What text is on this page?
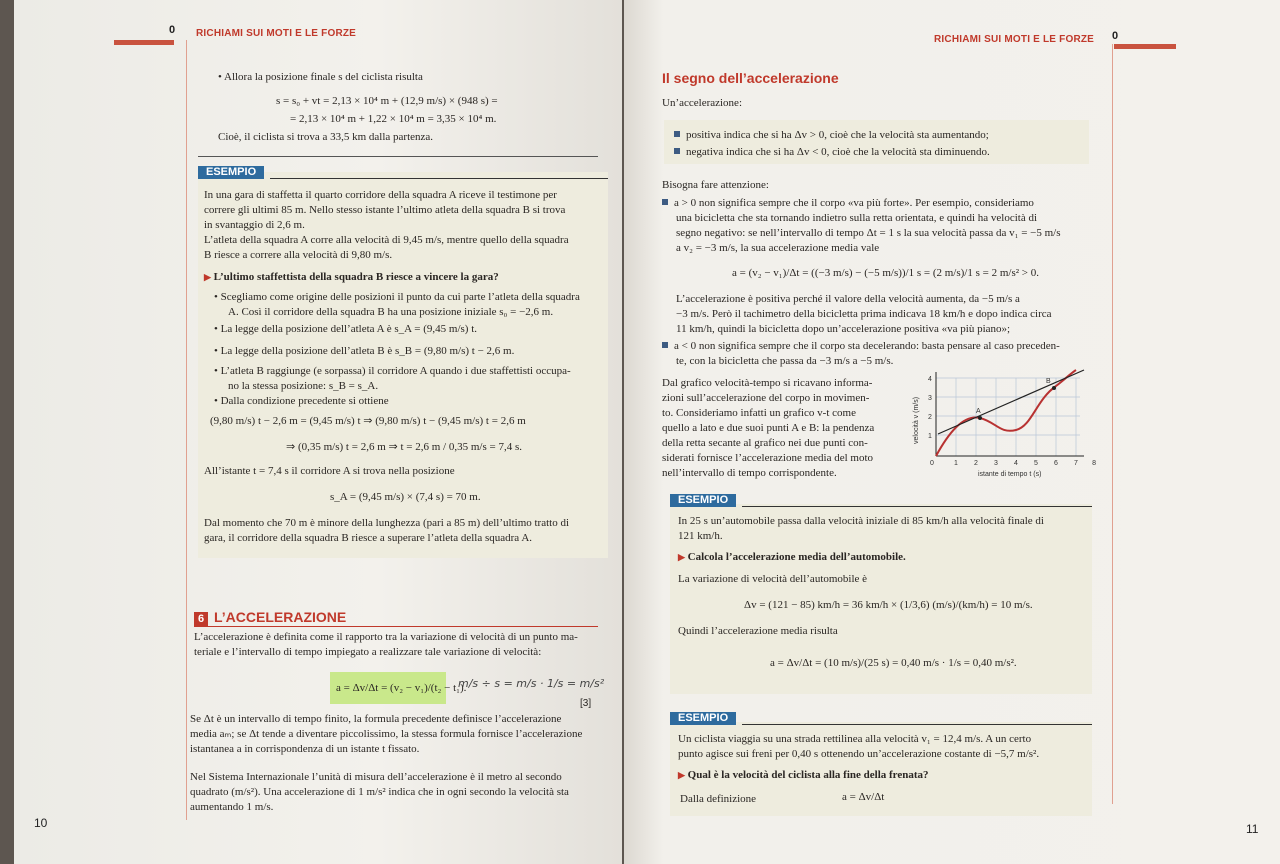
0 RICHIAMI SUI MOTI E LE FORZE
• Allora la posizione finale s del ciclista risulta
s = s₀ + vt = 2,13 × 10⁴ m + (12,9 m/s) × (948 s) =
= 2,13 × 10⁴ m + 1,22 × 10⁴ m = 3,35 × 10⁴ m.
Cioè, il ciclista si trova a 33,5 km dalla partenza.
ESEMPIO
In una gara di staffetta il quarto corridore della squadra A riceve il testimone per
correre gli ultimi 85 m. Nello stesso istante l’ultimo atleta della squadra B si trova
in svantaggio di 2,6 m.
L’atleta della squadra A corre alla velocità di 9,45 m/s, mentre quello della squadra
B riesce a correre alla velocità di 9,80 m/s.
▶ L’ultimo staffettista della squadra B riesce a vincere la gara?
• Scegliamo come origine delle posizioni il punto da cui parte l’atleta della squadra
A. Così il corridore della squadra B ha una posizione iniziale s₀ = −2,6 m.
• La legge della posizione dell’atleta A è s_A = (9,45 m/s) t.
• La legge della posizione dell’atleta B è s_B = (9,80 m/s) t − 2,6 m.
• L’atleta B raggiunge (e sorpassa) il corridore A quando i due staffettisti occupa-
no la stessa posizione: s_B = s_A.
• Dalla condizione precedente si ottiene
(9,80 m/s) t − 2,6 m = (9,45 m/s) t ⇒ (9,80 m/s) t − (9,45 m/s) t = 2,6 m
⇒ (0,35 m/s) t = 2,6 m ⇒ t = 2,6 m / 0,35 m/s = 7,4 s.
All’istante t = 7,4 s il corridore A si trova nella posizione
s_A = (9,45 m/s) × (7,4 s) = 70 m.
Dal momento che 70 m è minore della lunghezza (pari a 85 m) dell’ultimo tratto di
gara, il corridore della squadra B riesce a superare l’atleta della squadra A.
6 L’ACCELERAZIONE
L’accelerazione è definita come il rapporto tra la variazione di velocità di un punto ma-
teriale e l’intervallo di tempo impiegato a realizzare tale variazione di velocità:
a = Δv/Δt = (v₂ − v₁)/(t₂ − t₁).
m/s ÷ s = m/s · 1/s = m/s²
[3]
Se Δt è un intervallo di tempo finito, la formula precedente definisce l’accelerazione
media aₘ; se Δt tende a diventare piccolissimo, la stessa formula fornisce l’accelerazione
istantanea a in corrispondenza di un istante t fissato.
Nel Sistema Internazionale l’unità di misura dell’accelerazione è il metro al secondo
quadrato (m/s²). Una accelerazione di 1 m/s² indica che in ogni secondo la velocità sta
aumentando 1 m/s.
10
RICHIAMI SUI MOTI E LE FORZE 0
Il segno dell’accelerazione
Un’accelerazione:
positiva indica che si ha Δv > 0, cioè che la velocità sta aumentando;
negativa indica che si ha Δv < 0, cioè che la velocità sta diminuendo.
Bisogna fare attenzione:
a > 0 non significa sempre che il corpo «va più forte». Per esempio, consideriamo
una bicicletta che sta tornando indietro sulla retta orientata, e quindi ha velocità di
segno negativo: se nell’intervallo di tempo Δt = 1 s la sua velocità passa da v₁ = −5 m/s
a v₂ = −3 m/s, la sua accelerazione media vale
a = (v₂ − v₁)/Δt = ((−3 m/s) − (−5 m/s))/1 s = (2 m/s)/1 s = 2 m/s² > 0.
L’accelerazione è positiva perché il valore della velocità aumenta, da −5 m/s a
−3 m/s. Però il tachimetro della bicicletta prima indicava 18 km/h e dopo indica circa
11 km/h, quindi la bicicletta dopo un’accelerazione positiva «va più piano»;
a < 0 non significa sempre che il corpo sta decelerando: basta pensare al caso preceden-
te, con la bicicletta che passa da −3 m/s a −5 m/s.
Dal grafico velocità-tempo si ricavano informa-
zioni sull’accelerazione del corpo in movimen-
to. Consideriamo infatti un grafico v-t come
quello a lato e due suoi punti A e B: la pendenza
della retta secante al grafico nei due punti con-
siderati fornisce l’accelerazione media del moto
nell’intervallo di tempo corrispondente.
A
B
1
2
3
4
0	1 2 3 4 5 6 7 8
istante di tempo t (s)
velocità v (m/s)
ESEMPIO
In 25 s un’automobile passa dalla velocità iniziale di 85 km/h alla velocità finale di
121 km/h.
▶ Calcola l’accelerazione media dell’automobile.
La variazione di velocità dell’automobile è
Δv = (121 − 85) km/h = 36 km/h × (1/3,6) (m/s)/(km/h) = 10 m/s.
Quindi l’accelerazione media risulta
a = Δv/Δt = (10 m/s)/(25 s) = 0,40 m/s · 1/s = 0,40 m/s².
ESEMPIO
Un ciclista viaggia su una strada rettilinea alla velocità v₁ = 12,4 m/s. A un certo
punto agisce sui freni per 0,40 s ottenendo un’accelerazione costante di −5,7 m/s².
▶ Qual è la velocità del ciclista alla fine della frenata?
Dalla definizione	a = Δv/Δt
11
